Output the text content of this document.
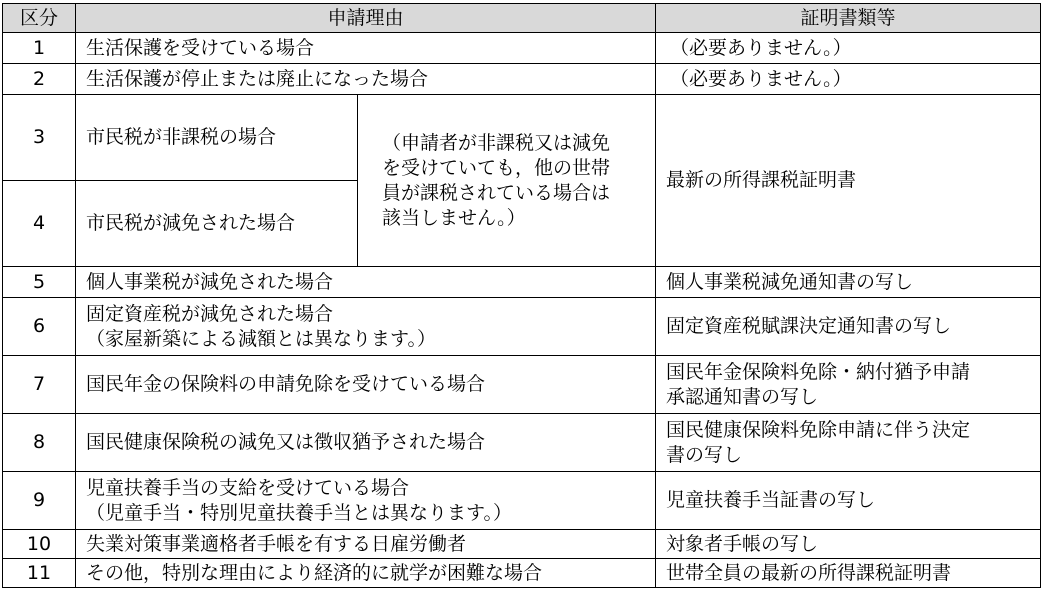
区分	申請理由		証明書類等
1	生活保護を受けている場合		（必要ありません。）
2	生活保護が停止または廃止になった場合		（必要ありません。）
3	市民税が非課税の場合	（申請者が非課税又は減免
を受けていても，他の世帯
員が課税されている場合は
該当しません。）	最新の所得課税証明書
4	市民税が減免された場合		
5	個人事業税が減免された場合		個人事業税減免通知書の写し
6	固定資産税が減免された場合
（家屋新築による減額とは異なります。）		固定資産税賦課決定通知書の写し
7	国民年金の保険料の申請免除を受けている場合		国民年金保険料免除・納付猶予申請
承認通知書の写し
8	国民健康保険税の減免又は徴収猶予された場合		国民健康保険料免除申請に伴う決定
書の写し
9	児童扶養手当の支給を受けている場合
（児童手当・特別児童扶養手当とは異なります。）		児童扶養手当証書の写し
10	失業対策事業適格者手帳を有する日雇労働者		対象者手帳の写し
11	その他，特別な理由により経済的に就学が困難な場合		世帯全員の最新の所得課税証明書
